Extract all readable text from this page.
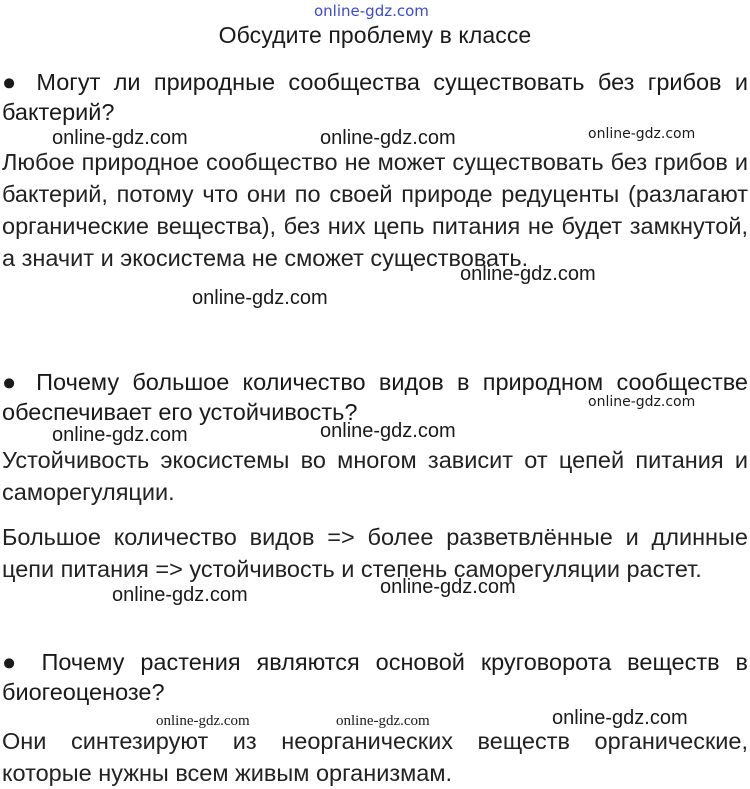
online-gdz.com
Обсудите проблему в классе
● Могут ли природные сообщества существовать без грибов и бактерий?
Любое природное сообщество не может существовать без грибов и бактерий, потому что они по своей природе редуценты (разлагают органические вещества), без них цепь питания не будет замкнутой, а значит и экосистема не сможет существовать.
● Почему большое количество видов в природном сообществе обеспечивает его устойчивость?
Устойчивость экосистемы во многом зависит от цепей питания и саморегуляции.
Большое количество видов => более разветвлённые и длинные цепи питания => устойчивость и степень саморегуляции растет.
● Почему растения являются основой круговорота веществ в биогеоценозе?
Они синтезируют из неорганических веществ органические, которые нужны всем живым организмам.
online-gdz.com	online-gdz.com	online-gdz.com
online-gdz.com
online-gdz.com
online-gdz.com
online-gdz.com	online-gdz.com
online-gdz.com
online-gdz.com
online-gdz.com	online-gdz.com	online-gdz.com
